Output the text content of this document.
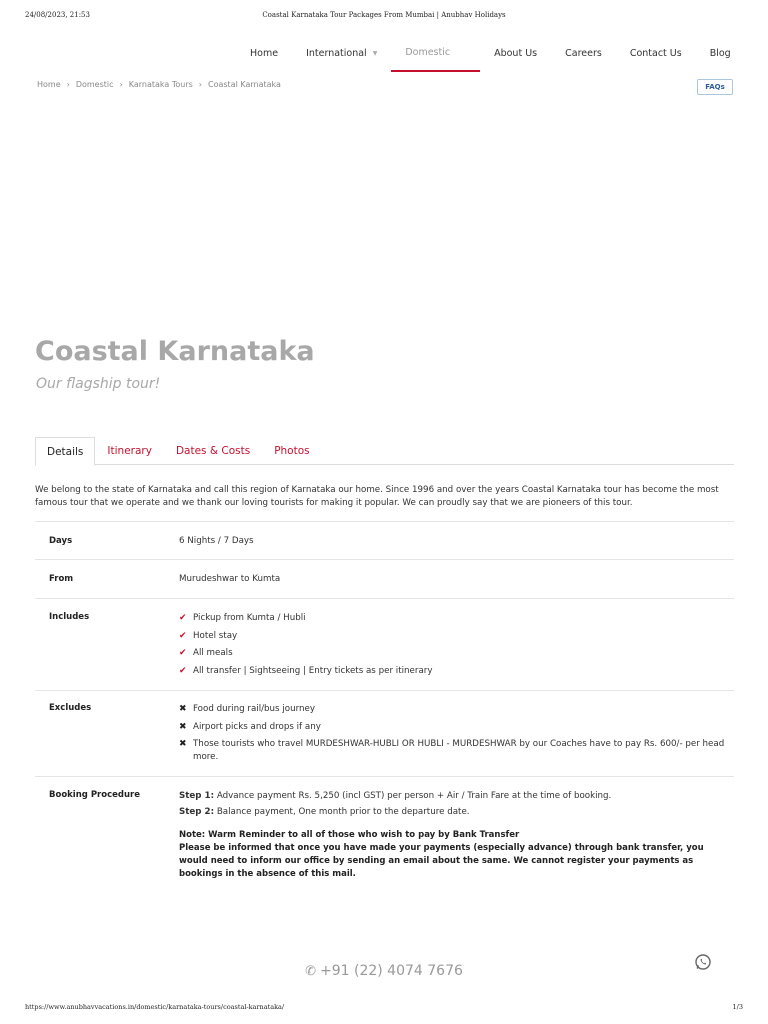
24/08/2023, 21:53	Coastal Karnataka Tour Packages From Mumbai | Anubhav Holidays
Home	International ▼	Domestic	About Us	Careers	Contact Us	Blog
Home › Domestic › Karnataka Tours › Coastal Karnataka	FAQs
Coastal Karnataka
Our flagship tour!
Details	Itinerary	Dates & Costs	Photos

We belong to the state of Karnataka and call this region of Karnataka our home. Since 1996 and over the years Coastal Karnataka tour has become the most famous tour that we operate and we thank our loving tourists for making it popular. We can proudly say that we are pioneers of this tour.

Days	6 Nights / 7 Days
From	Murudeshwar to Kumta
Includes	✔ Pickup from Kumta / Hubli
✔ Hotel stay
✔ All meals
✔ All transfer | Sightseeing | Entry tickets as per itinerary
Excludes	✖ Food during rail/bus journey
✖ Airport picks and drops if any
✖ Those tourists who travel MURDESHWAR-HUBLI OR HUBLI - MURDESHWAR by our Coaches have to pay Rs. 600/- per head more.
Booking Procedure	Step 1: Advance payment Rs. 5,250 (incl GST) per person + Air / Train Fare at the time of booking.
Step 2: Balance payment, One month prior to the departure date.
Note: Warm Reminder to all of those who wish to pay by Bank Transfer
Please be informed that once you have made your payments (especially advance) through bank transfer, you would need to inform our office by sending an email about the same. We cannot register your payments as bookings in the absence of this mail.
✆ +91 (22) 4074 7676
https://www.anubhavvacations.in/domestic/karnataka-tours/coastal-karnataka/	1/3
